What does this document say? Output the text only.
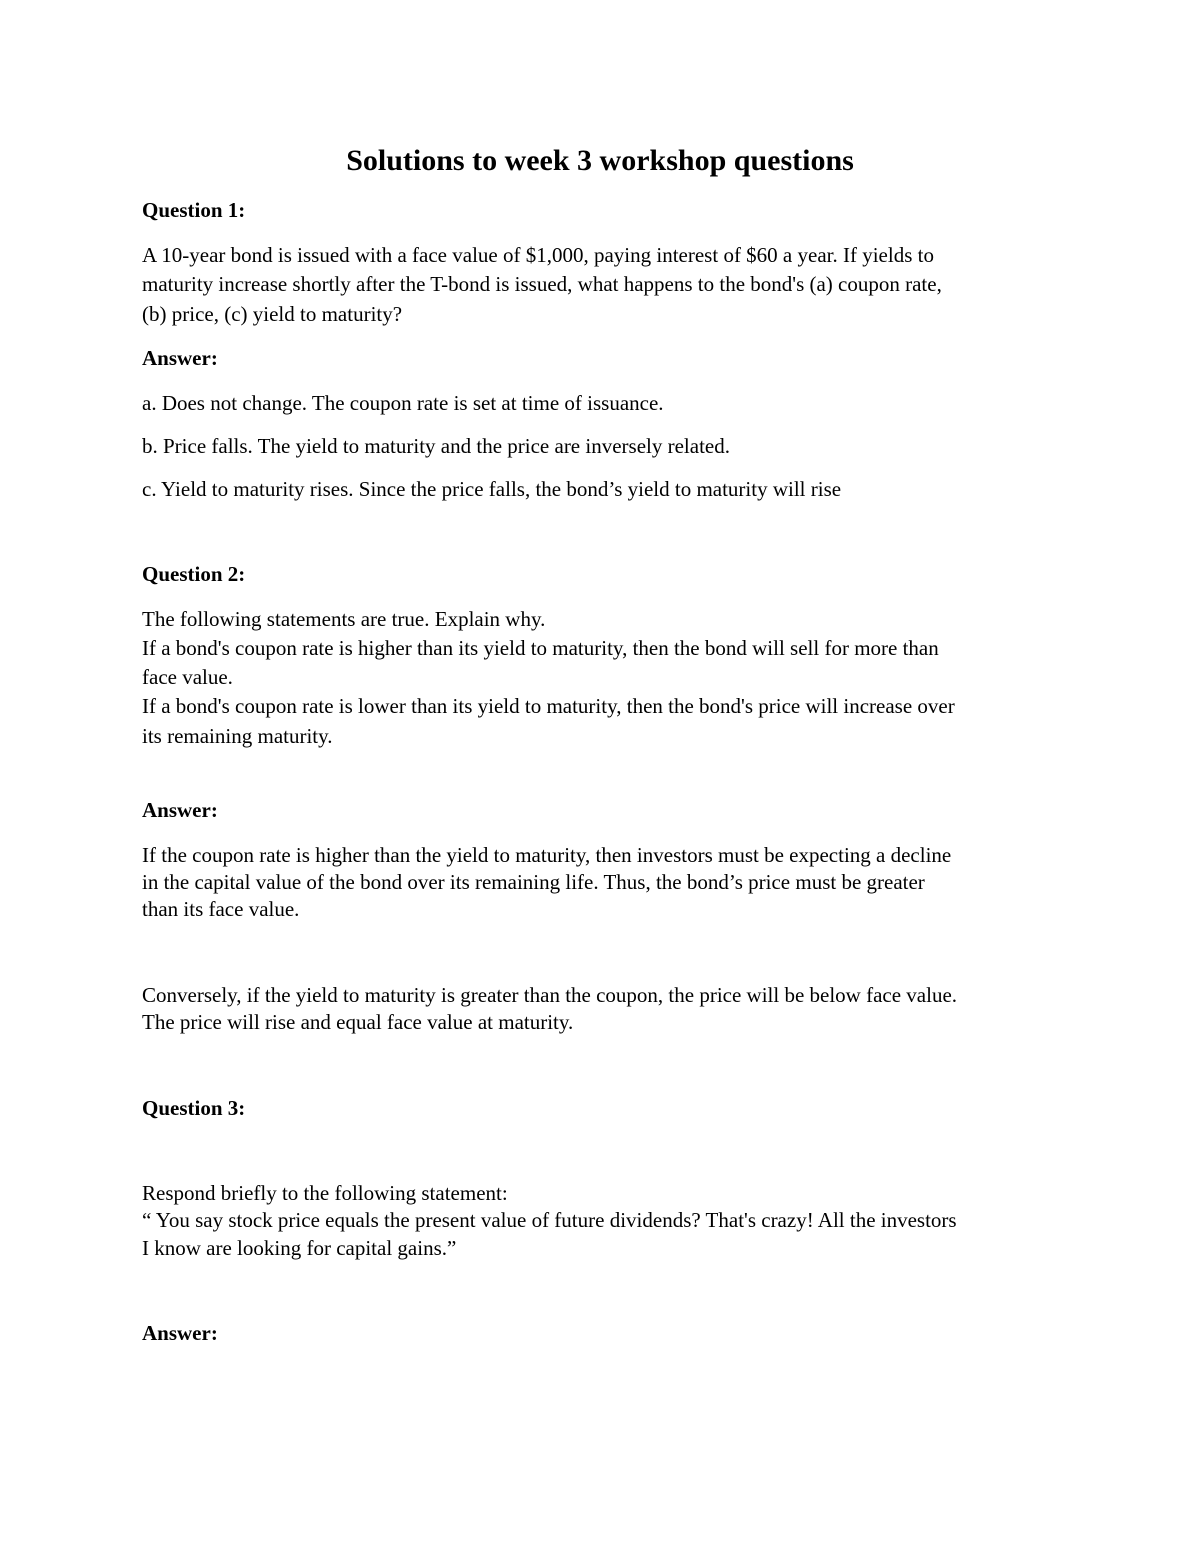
Solutions to week 3 workshop questions
Question 1:
A 10-year bond is issued with a face value of $1,000, paying interest of $60 a year. If yields to
maturity increase shortly after the T-bond is issued, what happens to the bond's (a) coupon rate,
(b) price, (c) yield to maturity?
Answer:
a. Does not change. The coupon rate is set at time of issuance.
b. Price falls. The yield to maturity and the price are inversely related.
c. Yield to maturity rises. Since the price falls, the bond’s yield to maturity will rise
Question 2:
The following statements are true. Explain why.
If a bond's coupon rate is higher than its yield to maturity, then the bond will sell for more than
face value.
If a bond's coupon rate is lower than its yield to maturity, then the bond's price will increase over
its remaining maturity.
Answer:
If the coupon rate is higher than the yield to maturity, then investors must be expecting a decline
in the capital value of the bond over its remaining life. Thus, the bond’s price must be greater
than its face value.
Conversely, if the yield to maturity is greater than the coupon, the price will be below face value.
The price will rise and equal face value at maturity.
Question 3:
Respond briefly to the following statement:
“ You say stock price equals the present value of future dividends? That's crazy! All the investors
I know are looking for capital gains.”
Answer:
